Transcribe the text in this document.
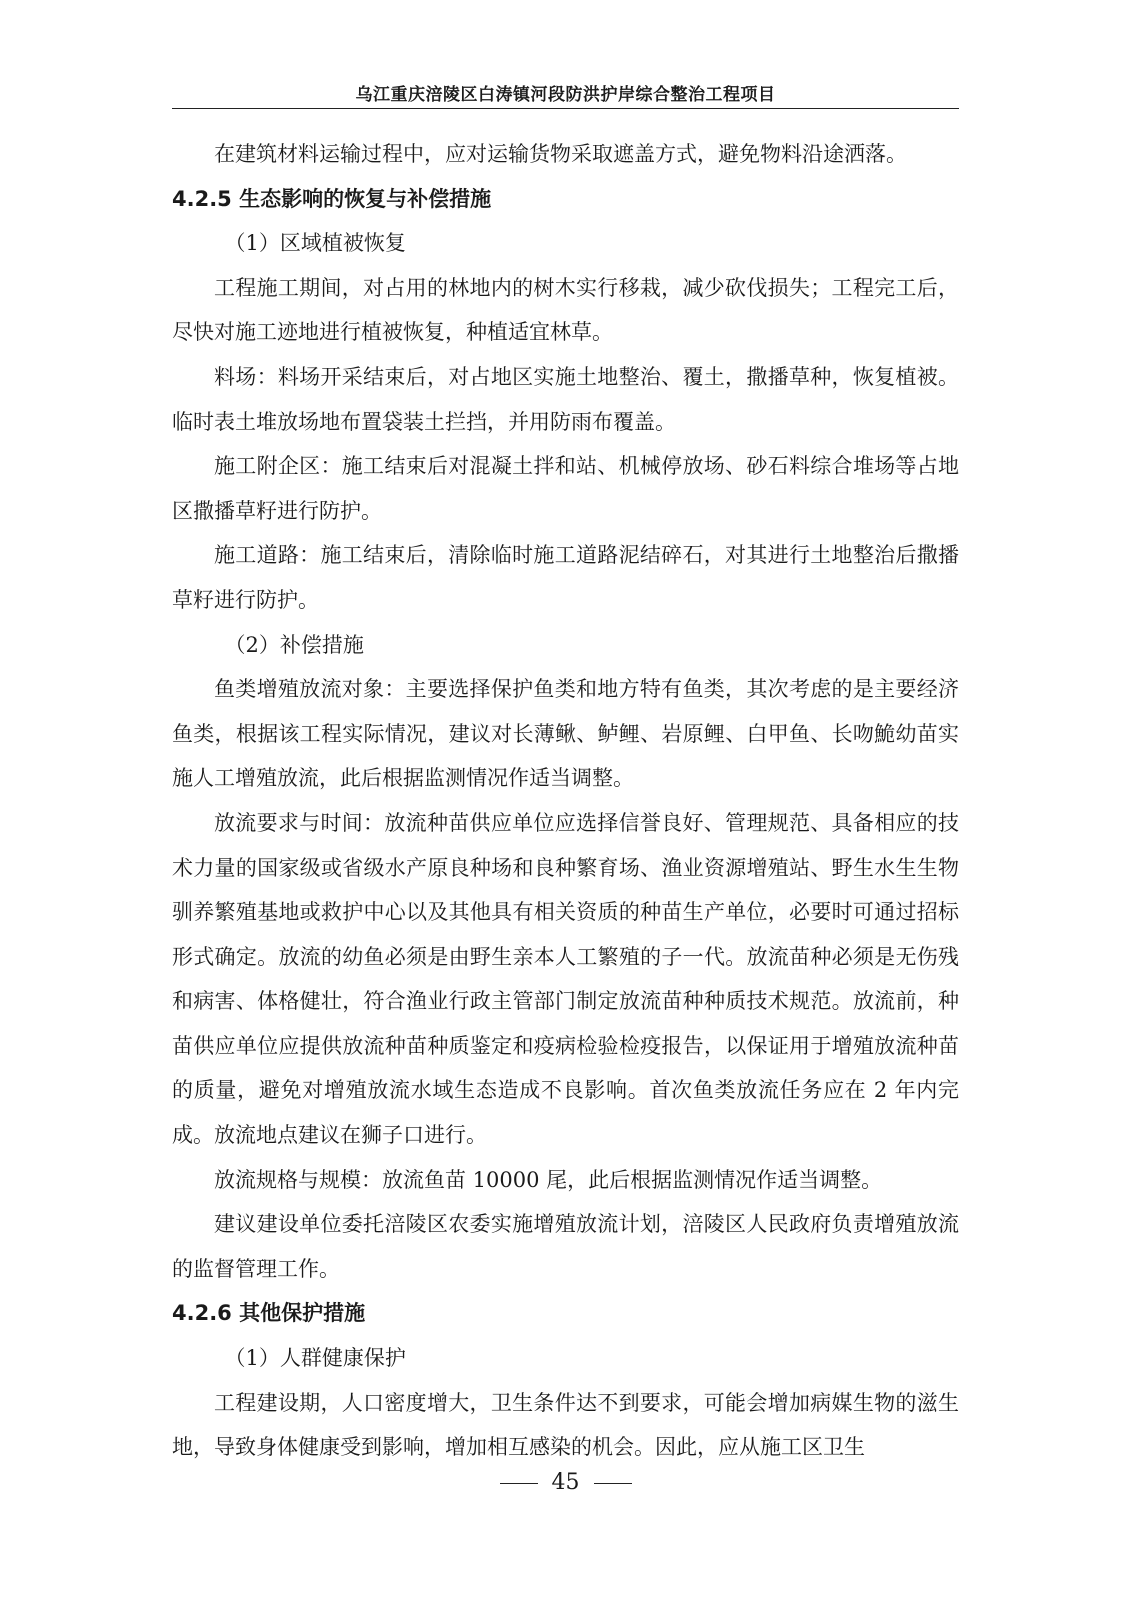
乌江重庆涪陵区白涛镇河段防洪护岸综合整治工程项目

在建筑材料运输过程中，应对运输货物采取遮盖方式，避免物料沿途洒落。

4.2.5 生态影响的恢复与补偿措施

（1）区域植被恢复

工程施工期间，对占用的林地内的树木实行移栽，减少砍伐损失；工程完工后，尽快对施工迹地进行植被恢复，种植适宜林草。

料场：料场开采结束后，对占地区实施土地整治、覆土，撒播草种，恢复植被。临时表土堆放场地布置袋装土拦挡，并用防雨布覆盖。

施工附企区：施工结束后对混凝土拌和站、机械停放场、砂石料综合堆场等占地区撒播草籽进行防护。

施工道路：施工结束后，清除临时施工道路泥结碎石，对其进行土地整治后撒播草籽进行防护。

（2）补偿措施

鱼类增殖放流对象：主要选择保护鱼类和地方特有鱼类，其次考虑的是主要经济鱼类，根据该工程实际情况，建议对长薄鳅、鲈鲤、岩原鲤、白甲鱼、长吻鮠幼苗实施人工增殖放流，此后根据监测情况作适当调整。

放流要求与时间：放流种苗供应单位应选择信誉良好、管理规范、具备相应的技术力量的国家级或省级水产原良种场和良种繁育场、渔业资源增殖站、野生水生生物驯养繁殖基地或救护中心以及其他具有相关资质的种苗生产单位，必要时可通过招标形式确定。放流的幼鱼必须是由野生亲本人工繁殖的子一代。放流苗种必须是无伤残和病害、体格健壮，符合渔业行政主管部门制定放流苗种种质技术规范。放流前，种苗供应单位应提供放流种苗种质鉴定和疫病检验检疫报告，以保证用于增殖放流种苗的质量，避免对增殖放流水域生态造成不良影响。首次鱼类放流任务应在 2 年内完成。放流地点建议在狮子口进行。

放流规格与规模：放流鱼苗 10000 尾，此后根据监测情况作适当调整。

建议建设单位委托涪陵区农委实施增殖放流计划，涪陵区人民政府负责增殖放流的监督管理工作。

4.2.6 其他保护措施

（1）人群健康保护

工程建设期，人口密度增大，卫生条件达不到要求，可能会增加病媒生物的滋生地，导致身体健康受到影响，增加相互感染的机会。因此，应从施工区卫生

45
